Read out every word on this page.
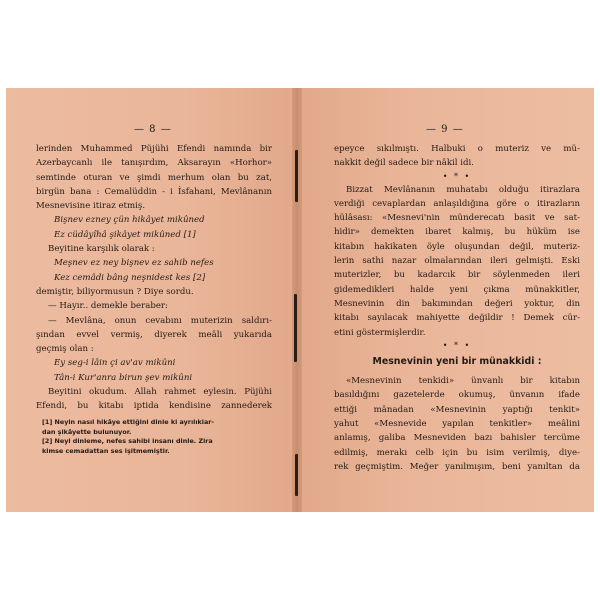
— 8 —
lerinden Muhammed Püjühi Efendi namında bir
Azerbaycanlı ile tanışırdım, Aksarayın «Horhor»
semtinde oturan ve şimdi merhum olan bu zat,
birgün bana : Cemalüddin - i İsfahani, Mevlânanın
Mesnevisine itiraz etmiş.
Bişnev ezney çün hikâyet mikûned
Ez cüdâyîhâ şikâyet mikûned [1]
Beyitine karşılık olarak :
Meşnev ez ney bişnev ez sahib nefes
Kez cemâdi bâng neşnidest kes [2]
demiştir, biliyormusun ? Diye sordu.
— Hayır.. demekle beraber:
— Mevlâna, onun cevabını muterizin saldırı-
şından evvel vermiş, diyerek meâli yukarıda
geçmiş olan :
Ey seg-i lâin çi av'av mikûni
Tân-i Kur'anra birun şev mikûni
Beyitini okudum. Allah rahmet eylesin. Püjühi
Efendi, bu kitabı iptida kendisine zannederek
[1] Neyin nasıl hikâye ettiğini dinle ki ayrılıklar-
dan şikâyette bulunuyor.
[2] Neyi dinleme, nefes sahibi insanı dinle. Zira
kimse cemadattan ses işitmemiştir.
— 9 —
epeyce sıkılmıştı. Halbuki o muteriz ve mü-
nakkit değil sadece bir nâkil idi.
• * •
Bizzat Mevlânanın muhatabı olduğu itirazlara
verdiği cevaplardan anlaşıldığına göre o itirazların
hülâsası: «Mesnevi'nin münderecatı basit ve sat-
hidir» demekten ibaret kalmış, bu hüküm ise
kitabın hakikaten öyle oluşundan değil, muteriz-
lerin sathi nazar olmalarından ileri gelmişti. Eski
muterizler, bu kadarcık bir söylenmeden ileri
gidemedikleri halde yeni çıkma münakkitler,
Mesnevinin din bakımından değeri yoktur, din
kitabı sayılacak mahiyette değildir ! Demek cür-
etini göstermişlerdir.
• * •
Mesnevinin yeni bir münakkidi :
«Mesnevinin tenkidi» ünvanlı bir kitabın
basıldığını gazetelerde okumuş, ünvanın ifade
ettiği mânadan «Mesnevinin yaptığı tenkit»
yahut «Mesnevide yapılan tenkitler» meâlini
anlamış, galiba Mesneviden bazı bahisler tercüme
edilmiş, merakı celb için bu isim verilmiş, diye-
rek geçmiştim. Meğer yanılmışım, beni yanıltan da
